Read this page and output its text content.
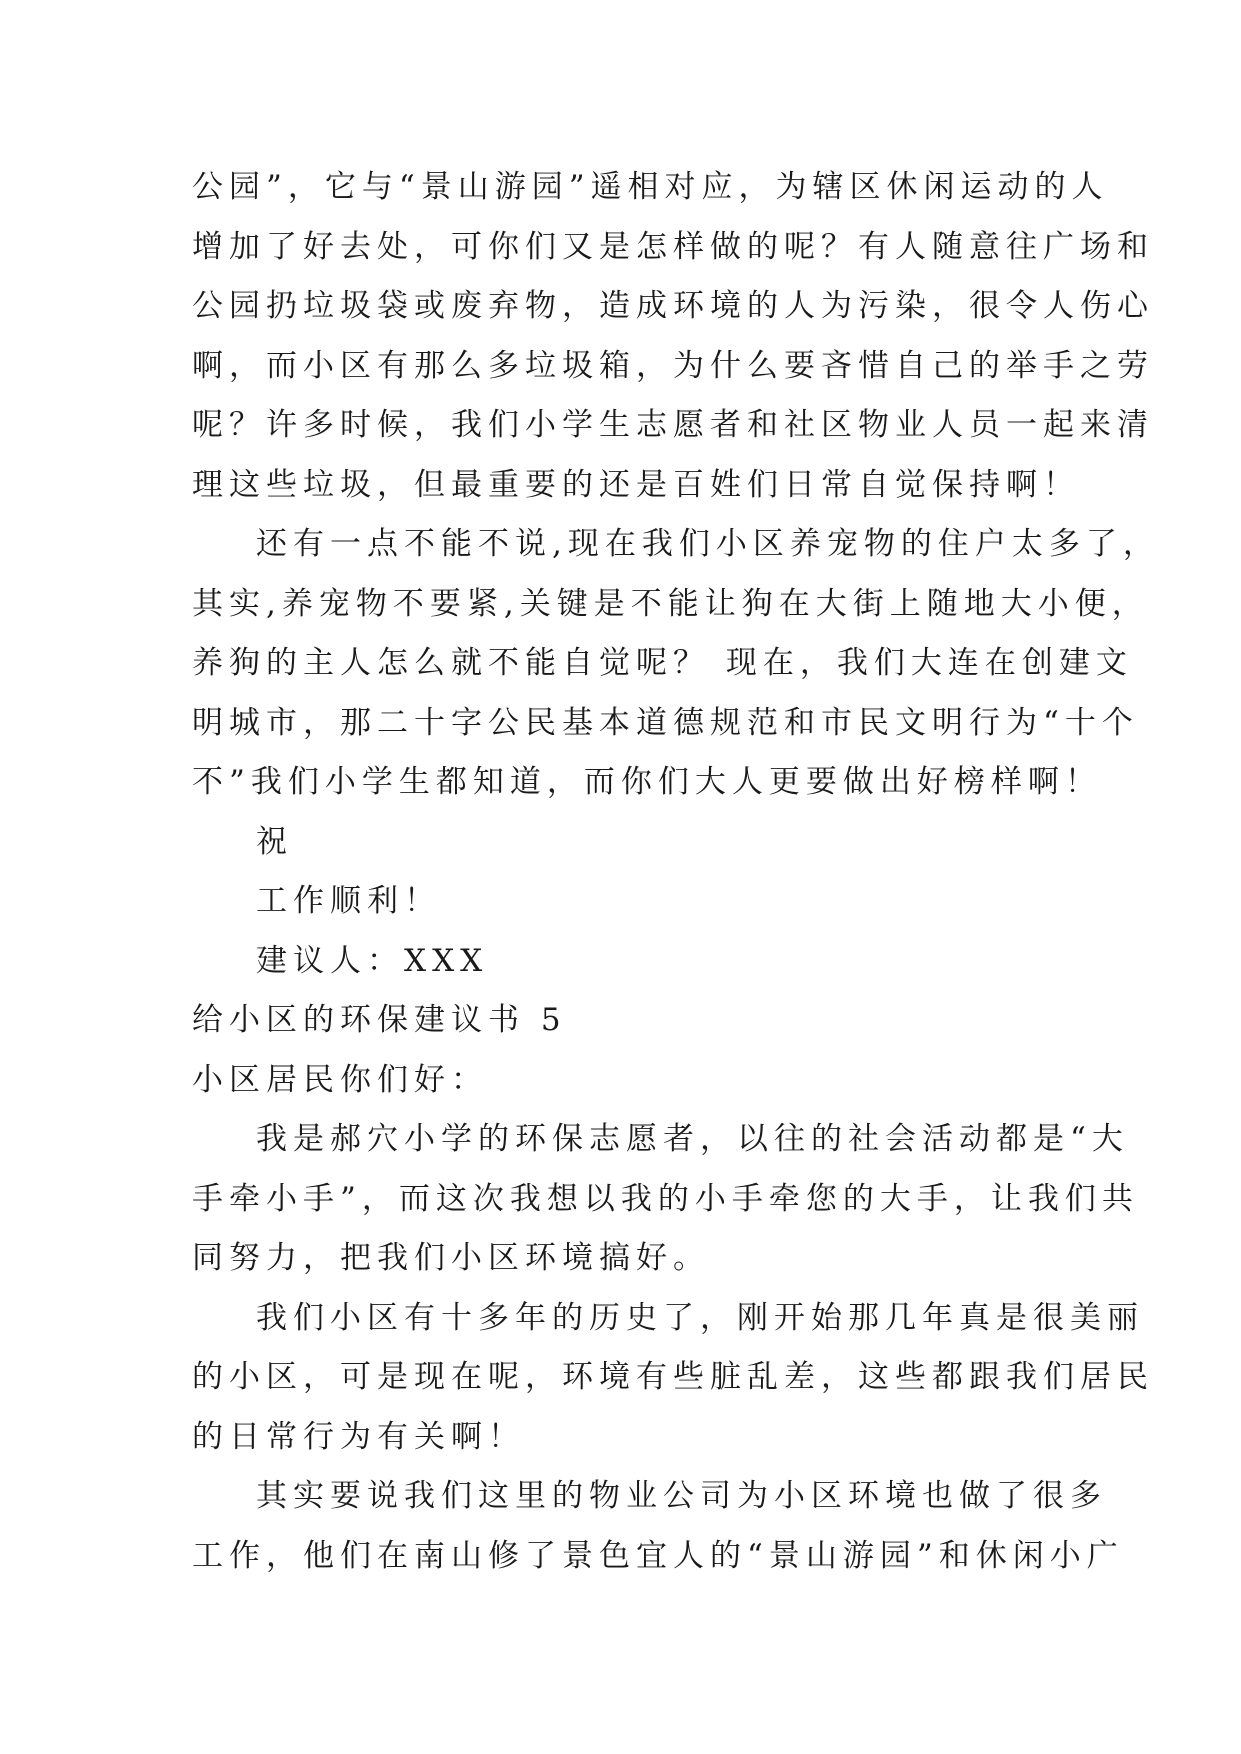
公园”，它与“景山游园”遥相对应，为辖区休闲运动的人
增加了好去处，可你们又是怎样做的呢？有人随意往广场和
公园扔垃圾袋或废弃物，造成环境的人为污染，很令人伤心
啊，而小区有那么多垃圾箱，为什么要吝惜自己的举手之劳
呢？许多时候，我们小学生志愿者和社区物业人员一起来清
理这些垃圾，但最重要的还是百姓们日常自觉保持啊！
还有一点不能不说,现在我们小区养宠物的住户太多了，
其实,养宠物不要紧,关键是不能让狗在大街上随地大小便，
养狗的主人怎么就不能自觉呢？ 现在，我们大连在创建文
明城市，那二十字公民基本道德规范和市民文明行为“十个
不”我们小学生都知道，而你们大人更要做出好榜样啊！
祝
工作顺利！
建议人：XXX
给小区的环保建议书 5
小区居民你们好：
我是郝穴小学的环保志愿者，以往的社会活动都是“大
手牵小手”，而这次我想以我的小手牵您的大手，让我们共
同努力，把我们小区环境搞好。
我们小区有十多年的历史了，刚开始那几年真是很美丽
的小区，可是现在呢，环境有些脏乱差，这些都跟我们居民
的日常行为有关啊！
其实要说我们这里的物业公司为小区环境也做了很多
工作，他们在南山修了景色宜人的“景山游园”和休闲小广
